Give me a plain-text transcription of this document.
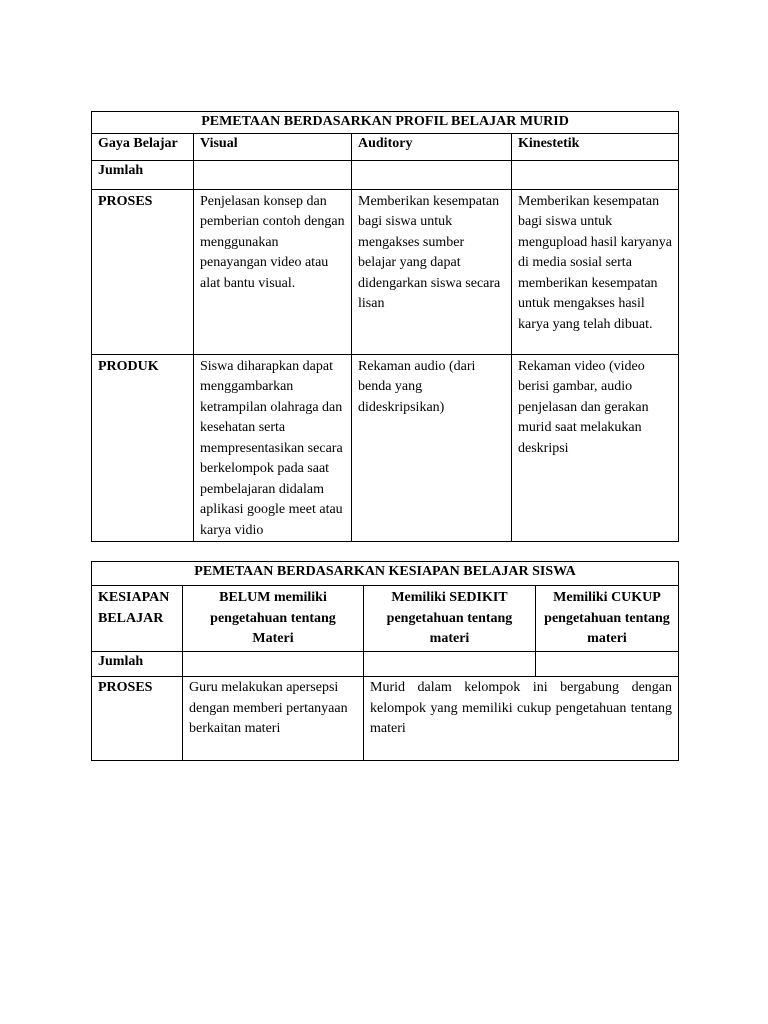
PEMETAAN BERDASARKAN PROFIL BELAJAR MURID			
Gaya Belajar	Visual	Auditory	Kinestetik
Jumlah			
PROSES	Penjelasan konsep dan pemberian contoh dengan menggunakan penayangan video atau alat bantu visual.	Memberikan kesempatan bagi siswa untuk mengakses sumber belajar yang dapat didengarkan siswa secara lisan	Memberikan kesempatan bagi siswa untuk mengupload hasil karyanya di media sosial serta memberikan kesempatan untuk mengakses hasil karya yang telah dibuat.
PRODUK	Siswa diharapkan dapat menggambarkan ketrampilan olahraga dan kesehatan serta mempresentasikan secara berkelompok pada saat pembelajaran didalam aplikasi google meet atau karya vidio	Rekaman audio (dari benda yang dideskripsikan)	Rekaman video (video berisi gambar, audio penjelasan dan gerakan murid saat melakukan deskripsi
PEMETAAN BERDASARKAN KESIAPAN BELAJAR SISWA			
KESIAPAN BELAJAR	BELUM memiliki pengetahuan tentang Materi	Memiliki SEDIKIT pengetahuan tentang materi	Memiliki CUKUP pengetahuan tentang materi
Jumlah			
PROSES	Guru melakukan apersepsi dengan memberi pertanyaan berkaitan materi	Murid dalam kelompok ini bergabung dengan kelompok yang memiliki cukup pengetahuan tentang materi	
